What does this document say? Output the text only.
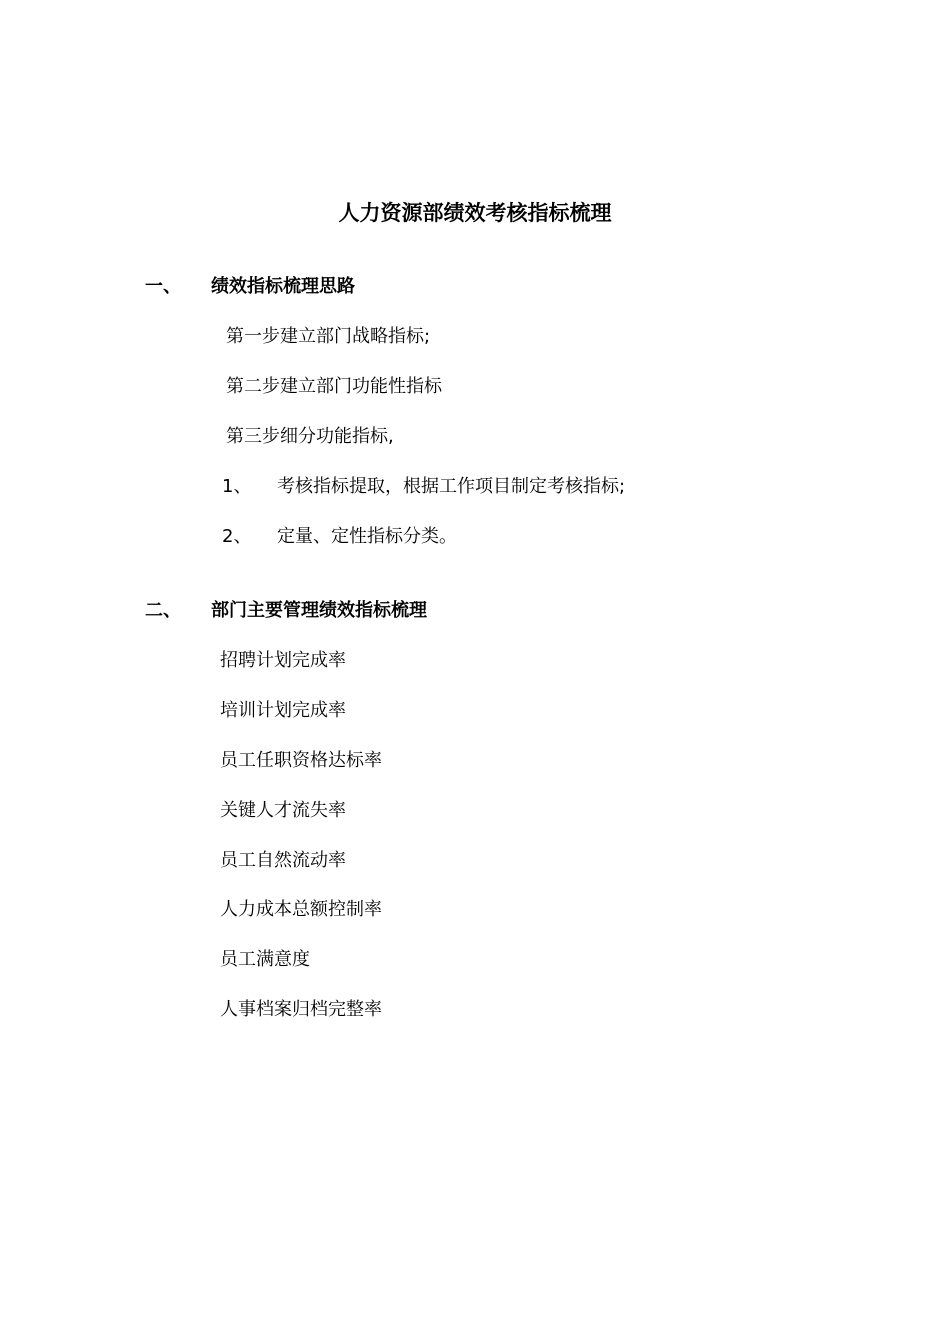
人力资源部绩效考核指标梳理
一、 绩效指标梳理思路
第一步建立部门战略指标;
第二步建立部门功能性指标
第三步细分功能指标,
1、 考核指标提取，根据工作项目制定考核指标;
2、 定量、定性指标分类。
二、 部门主要管理绩效指标梳理
招聘计划完成率
培训计划完成率
员工任职资格达标率
关键人才流失率
员工自然流动率
人力成本总额控制率
员工满意度
人事档案归档完整率
